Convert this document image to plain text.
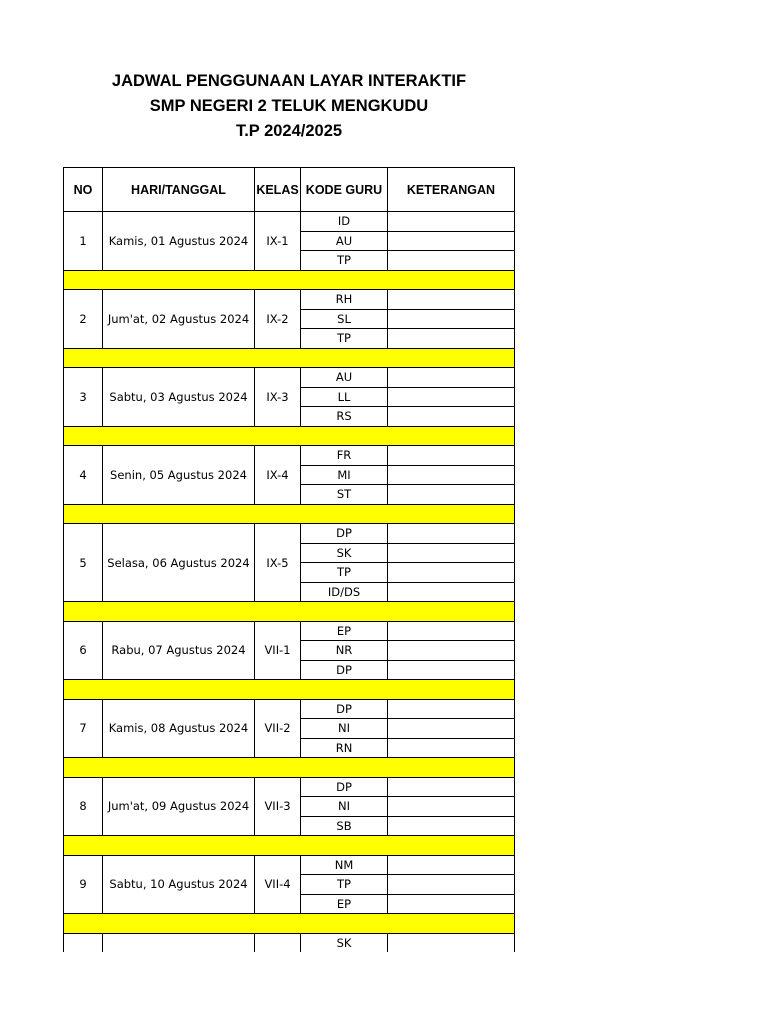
JADWAL PENGGUNAAN LAYAR INTERAKTIF
SMP NEGERI 2 TELUK MENGKUDU
T.P 2024/2025
NO	HARI/TANGGAL	KELAS	KODE GURU	KETERANGAN
1	Kamis, 01 Agustus 2024	IX-1	ID	
			AU	
			TP	

2	Jum'at, 02 Agustus 2024	IX-2	RH	
			SL	
			TP	

3	Sabtu, 03 Agustus 2024	IX-3	AU	
			LL	
			RS	

4	Senin, 05 Agustus 2024	IX-4	FR	
			MI	
			ST	

5	Selasa, 06 Agustus 2024	IX-5	DP	
			SK	
			TP	
			ID/DS	

6	Rabu, 07 Agustus 2024	VII-1	EP	
			NR	
			DP	

7	Kamis, 08 Agustus 2024	VII-2	DP	
			NI	
			RN	

8	Jum'at, 09 Agustus 2024	VII-3	DP	
			NI	
			SB	

9	Sabtu, 10 Agustus 2024	VII-4	NM	
			TP	
			EP	

			SK	
